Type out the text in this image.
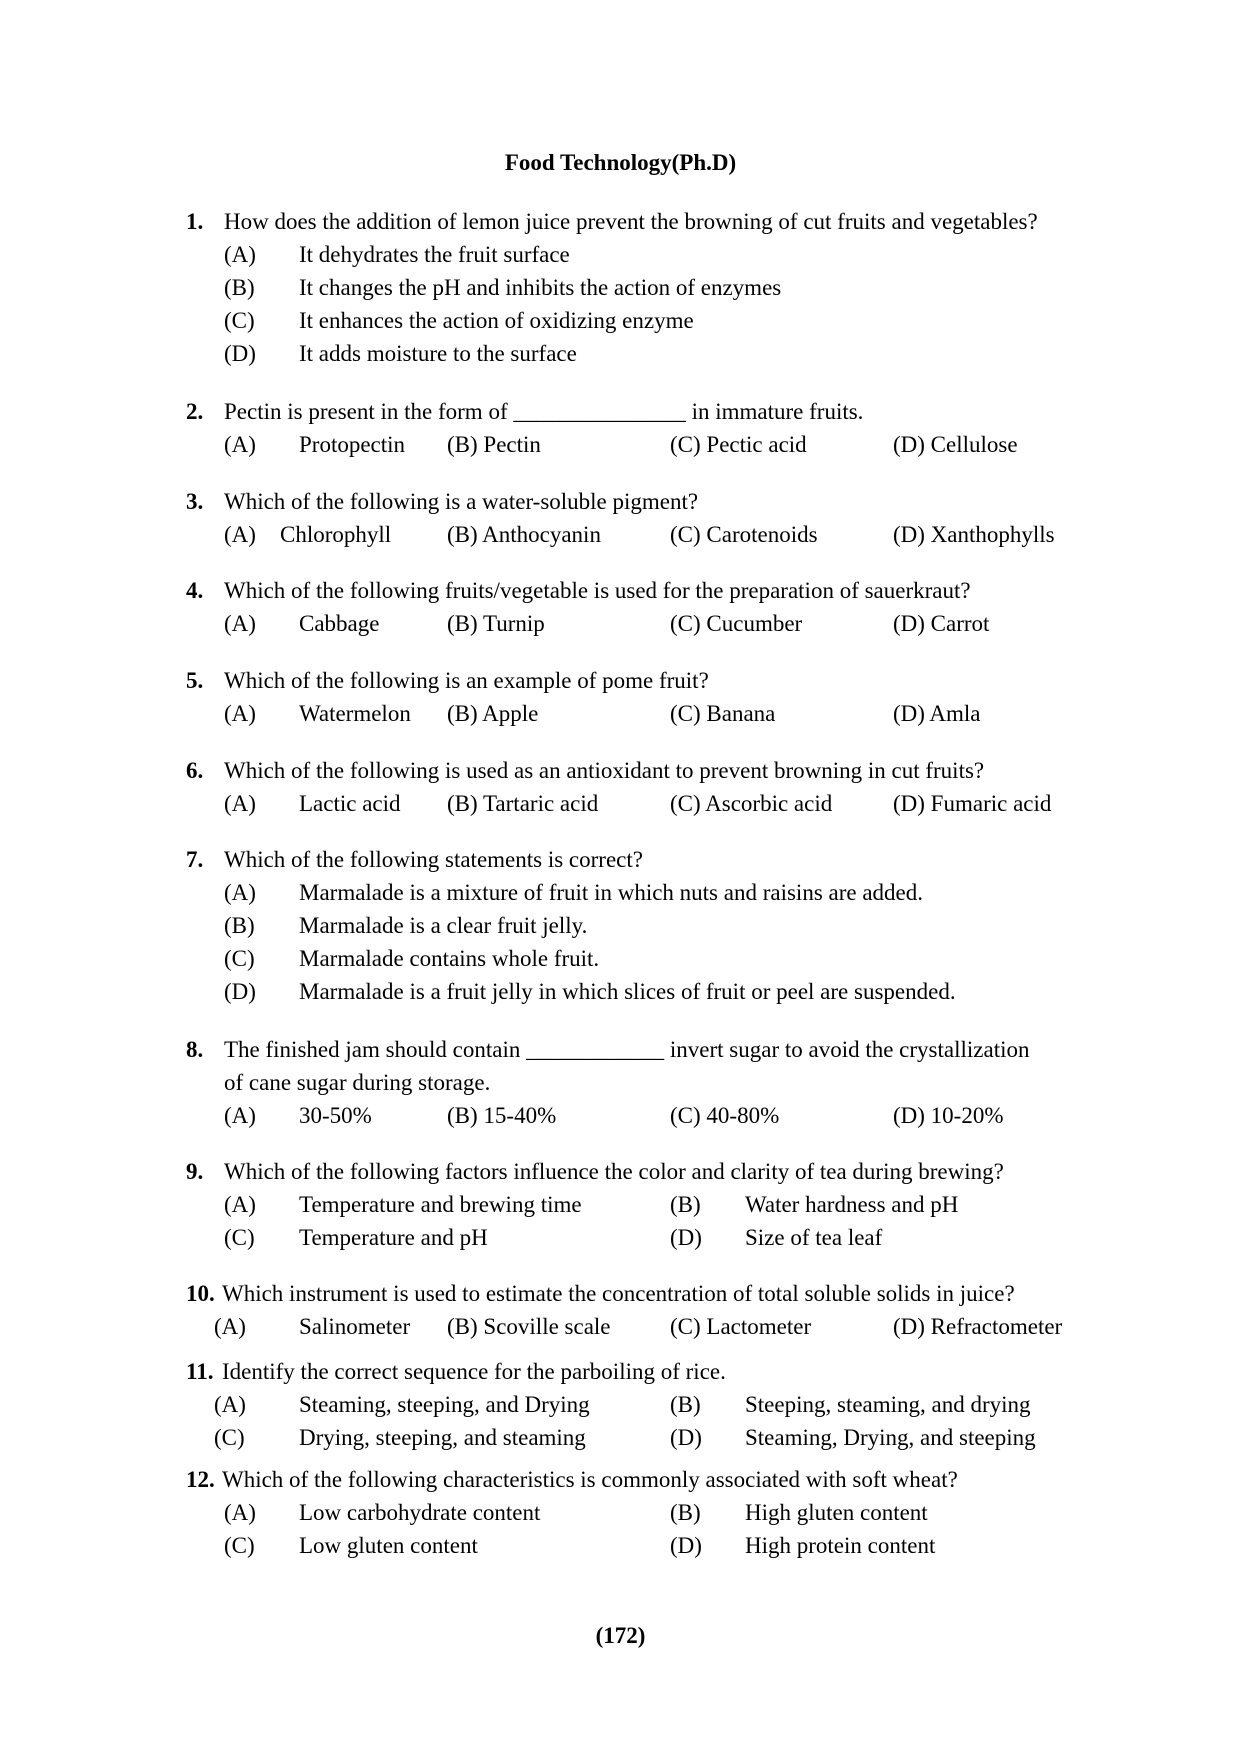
Food Technology(Ph.D)
1. How does the addition of lemon juice prevent the browning of cut fruits and vegetables?
(A) It dehydrates the fruit surface
(B) It changes the pH and inhibits the action of enzymes
(C) It enhances the action of oxidizing enzyme
(D) It adds moisture to the surface
2. Pectin is present in the form of _______________ in immature fruits.
(A) Protopectin (B) Pectin	(C) Pectic acid	(D) Cellulose
3. Which of the following is a water-soluble pigment?
(A) Chlorophyll (B) Anthocyanin	(C) Carotenoids	(D) Xanthophylls
4. Which of the following fruits/vegetable is used for the preparation of sauerkraut?
(A) Cabbage	(B) Turnip	(C) Cucumber	(D) Carrot
5. Which of the following is an example of pome fruit?
(A) Watermelon (B) Apple	(C) Banana	(D) Amla
6. Which of the following is used as an antioxidant to prevent browning in cut fruits?
(A) Lactic acid (B) Tartaric acid	(C) Ascorbic acid	(D) Fumaric acid
7. Which of the following statements is correct?
(A) Marmalade is a mixture of fruit in which nuts and raisins are added.
(B) Marmalade is a clear fruit jelly.
(C) Marmalade contains whole fruit.
(D) Marmalade is a fruit jelly in which slices of fruit or peel are suspended.
8. The finished jam should contain ____________ invert sugar to avoid the crystallization
of cane sugar during storage.
(A) 30-50%	(B) 15-40%	(C) 40-80%	(D) 10-20%
9. Which of the following factors influence the color and clarity of tea during brewing?
(A) Temperature and brewing time	(B) Water hardness and pH
(C) Temperature and pH	(D) Size of tea leaf
10. Which instrument is used to estimate the concentration of total soluble solids in juice?
(A) Salinometer (B) Scoville scale	(C) Lactometer	(D) Refractometer
11. Identify the correct sequence for the parboiling of rice.
(A) Steaming, steeping, and Drying	(B) Steeping, steaming, and drying
(C) Drying, steeping, and steaming	(D) Steaming, Drying, and steeping
12. Which of the following characteristics is commonly associated with soft wheat?
(A) Low carbohydrate content	(B) High gluten content
(C) Low gluten content	(D) High protein content
(172)
